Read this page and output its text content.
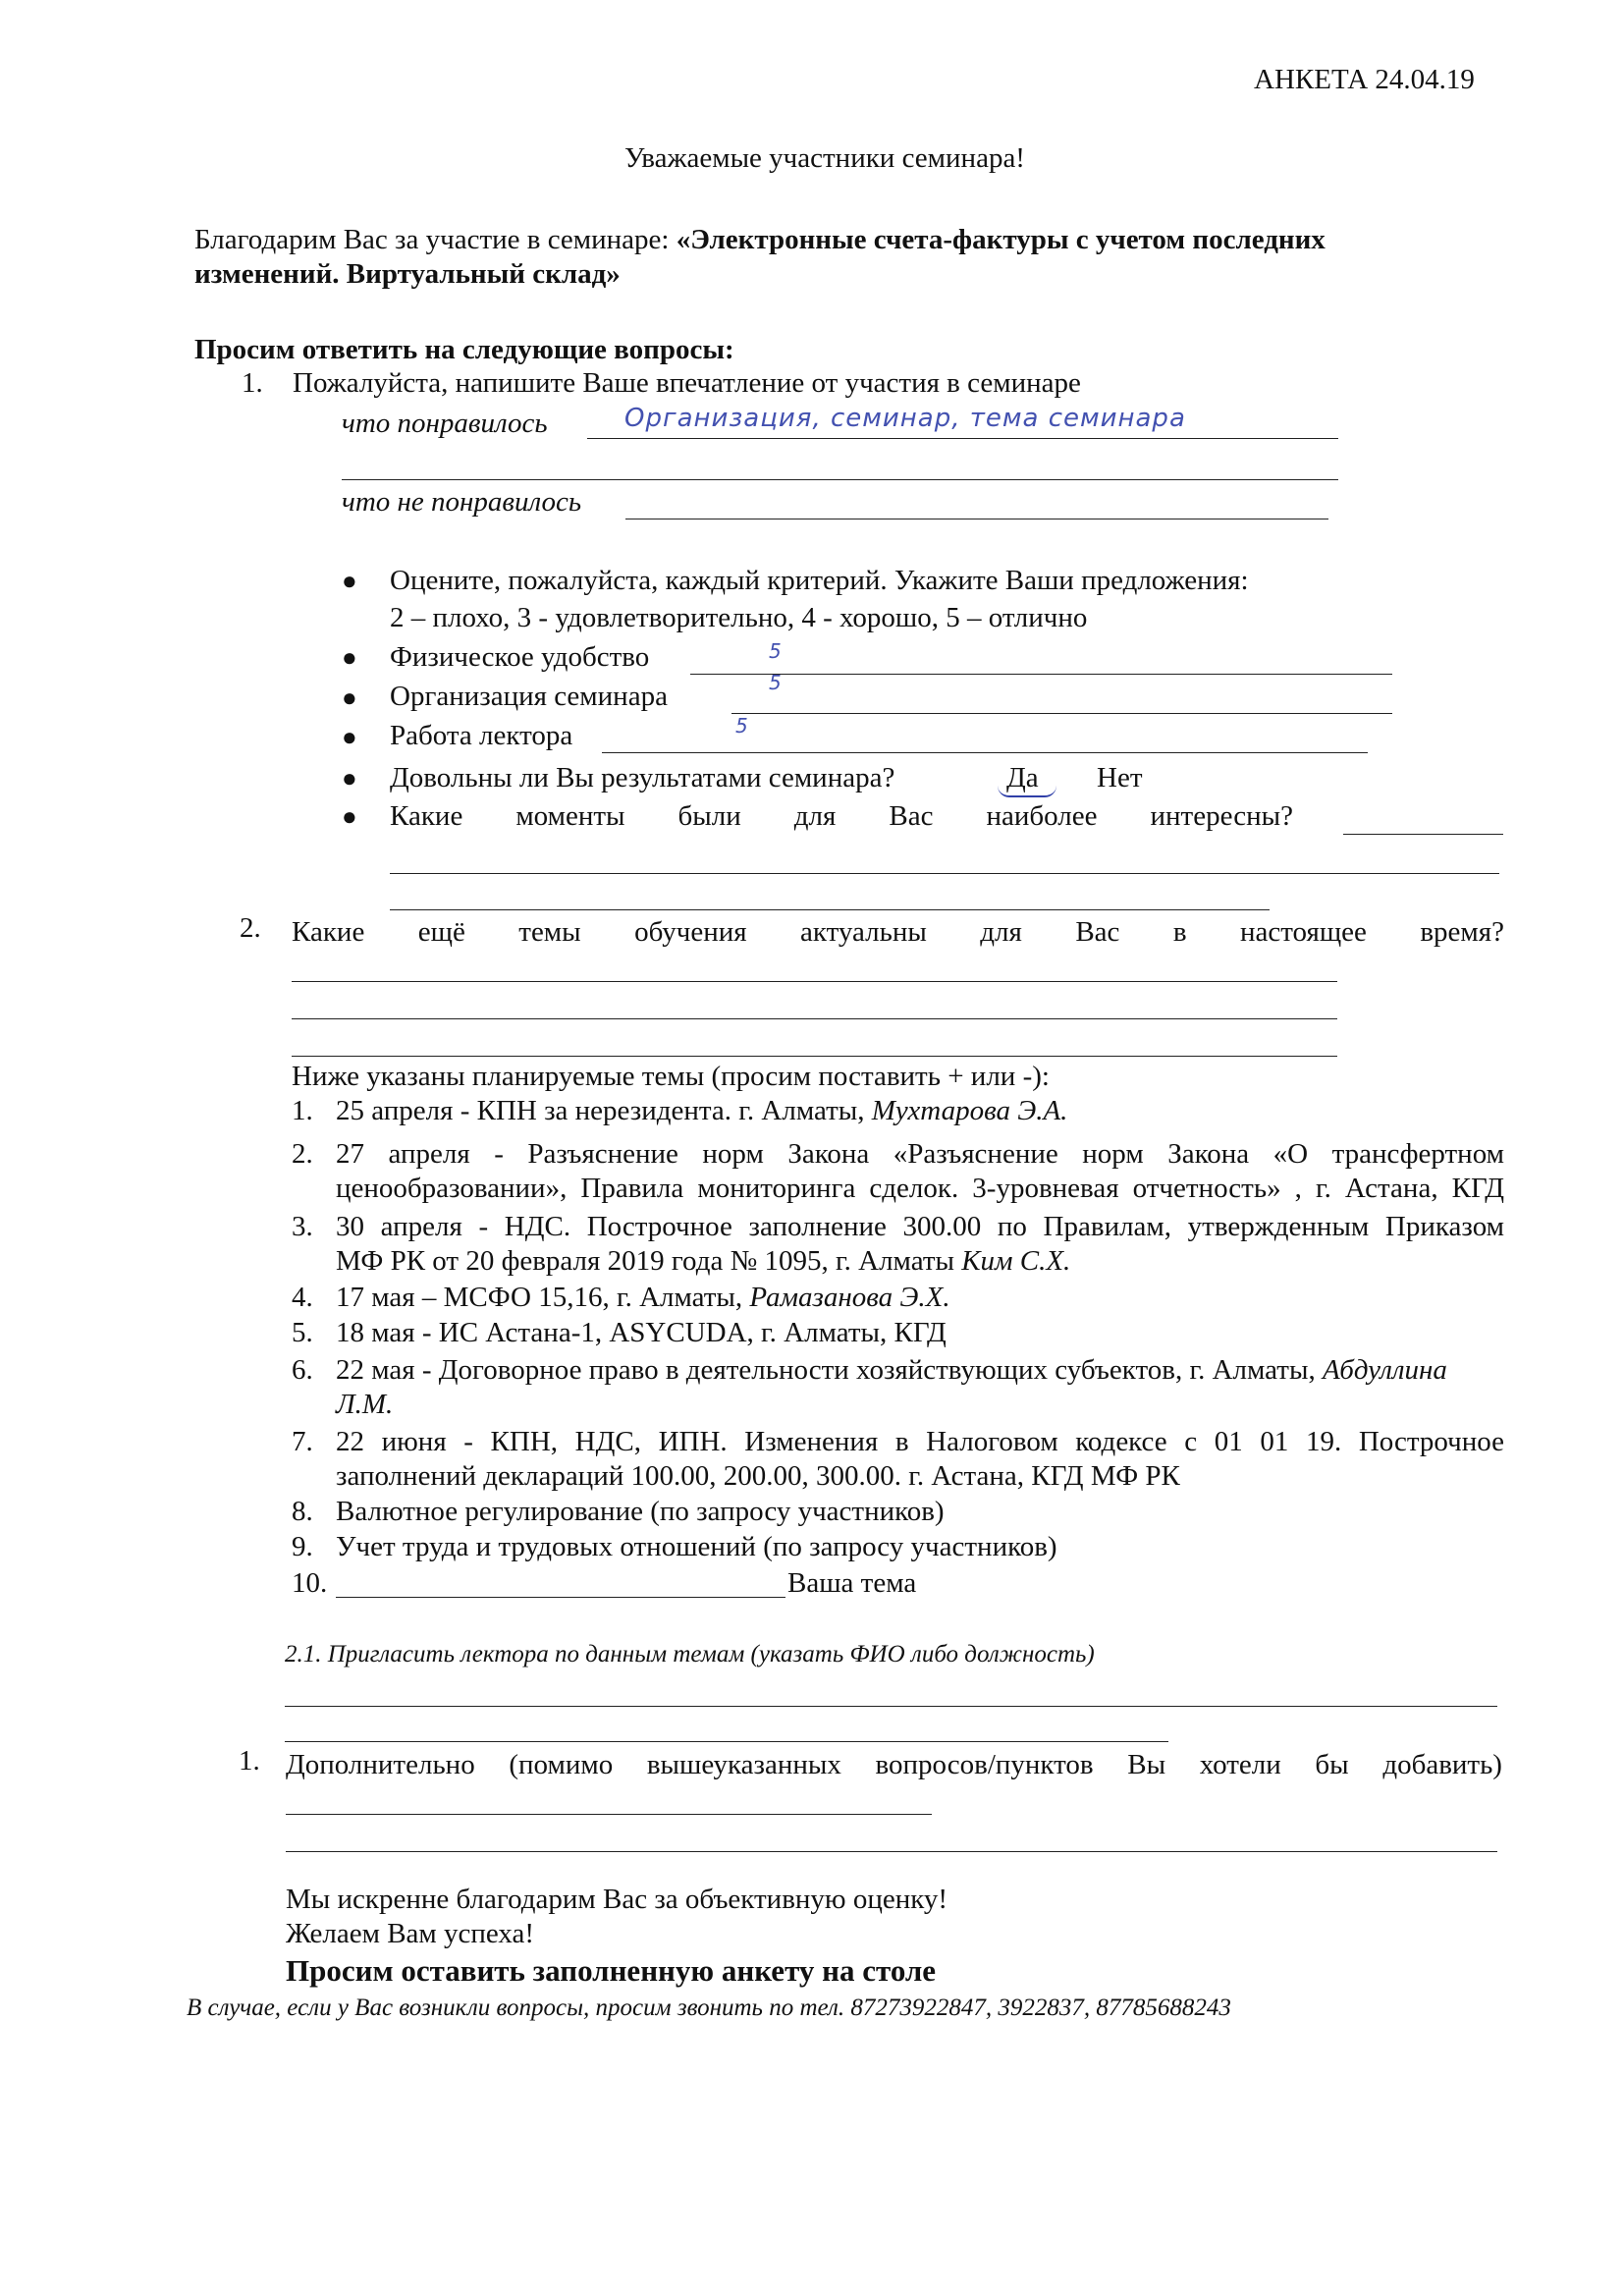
АНКЕТА 24.04.19
Уважаемые участники семинара!
Благодарим Вас за участие в семинаре: «Электронные счета-фактуры с учетом последних
изменений. Виртуальный склад»
Просим ответить на следующие вопросы:
1. Пожалуйста, напишите Ваше впечатление от участия в семинаре
что понравилось	Организация, семинар, тема семинара
что не понравилось
● Оцените, пожалуйста, каждый критерий. Укажите Ваши предложения:
2 – плохо, 3 - удовлетворительно, 4 - хорошо, 5 – отлично
● Физическое удобство	5
● Организация семинара	5
● Работа лектора	5
● Довольны ли Вы результатами семинара?	Да Нет
● Какие моменты были для Вас наиболее интересны?
2. Какие ещё темы обучения актуальны для Вас в настоящее время?
Ниже указаны планируемые темы (просим поставить + или -):
1. 25 апреля - КПН за нерезидента. г. Алматы, Мухтарова Э.А.
2. 27 апреля - Разъяснение норм Закона «Разъяснение норм Закона «О трансфертном
ценообразовании», Правила мониторинга сделок. 3-уровневая отчетность» , г. Астана, КГД
3. 30 апреля - НДС. Построчное заполнение 300.00 по Правилам, утвержденным Приказом
МФ РК от 20 февраля 2019 года № 1095, г. Алматы Ким С.Х.
4. 17 мая – МСФО 15,16, г. Алматы, Рамазанова Э.Х.
5. 18 мая - ИС Астана-1, ASYCUDA, г. Алматы, КГД
6. 22 мая - Договорное право в деятельности хозяйствующих субъектов, г. Алматы, Абдуллина
Л.М.
7. 22 июня - КПН, НДС, ИПН. Изменения в Налоговом кодексе с 01 01 19. Построчное
заполнений деклараций 100.00, 200.00, 300.00. г. Астана, КГД МФ РК
8. Валютное регулирование (по запросу участников)
9. Учет труда и трудовых отношений (по запросу участников)
10.	Ваша тема
2.1. Пригласить лектора по данным темам (указать ФИО либо должность)
1. Дополнительно (помимо вышеуказанных вопросов/пунктов Вы хотели бы добавить)
Мы искренне благодарим Вас за объективную оценку!
Желаем Вам успеха!
Просим оставить заполненную анкету на столе
В случае, если у Вас возникли вопросы, просим звонить по тел. 87273922847, 3922837, 87785688243
